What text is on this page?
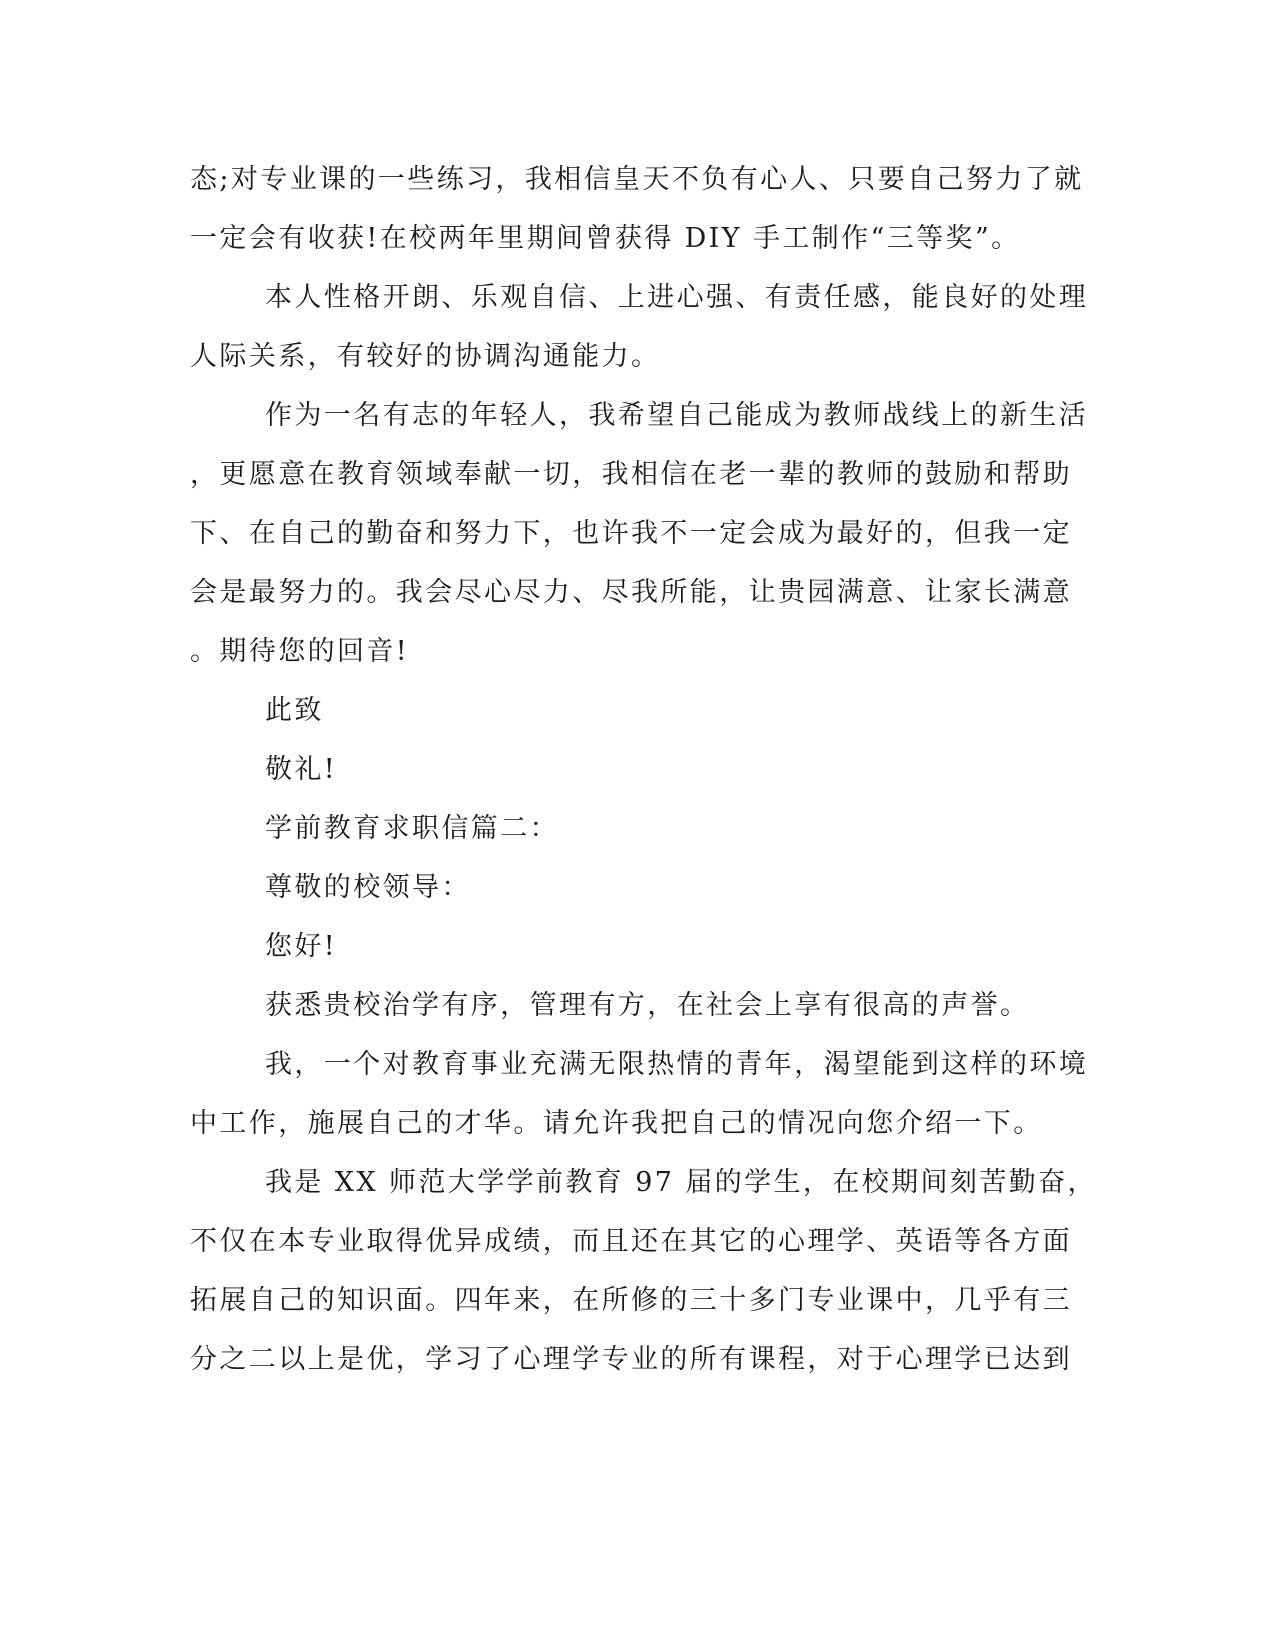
态;对专业课的一些练习，我相信皇天不负有心人、只要自己努力了就
一定会有收获!在校两年里期间曾获得 DIY 手工制作“三等奖”。
本人性格开朗、乐观自信、上进心强、有责任感，能良好的处理
人际关系，有较好的协调沟通能力。
作为一名有志的年轻人，我希望自己能成为教师战线上的新生活
，更愿意在教育领域奉献一切，我相信在老一辈的教师的鼓励和帮助
下、在自己的勤奋和努力下，也许我不一定会成为最好的，但我一定
会是最努力的。我会尽心尽力、尽我所能，让贵园满意、让家长满意
。期待您的回音!
此致
敬礼!
学前教育求职信篇二：
尊敬的校领导：
您好!
获悉贵校治学有序，管理有方，在社会上享有很高的声誉。
我，一个对教育事业充满无限热情的青年，渴望能到这样的环境
中工作，施展自己的才华。请允许我把自己的情况向您介绍一下。
我是 XX 师范大学学前教育 97 届的学生，在校期间刻苦勤奋，
不仅在本专业取得优异成绩，而且还在其它的心理学、英语等各方面
拓展自己的知识面。四年来，在所修的三十多门专业课中，几乎有三
分之二以上是优，学习了心理学专业的所有课程，对于心理学已达到
